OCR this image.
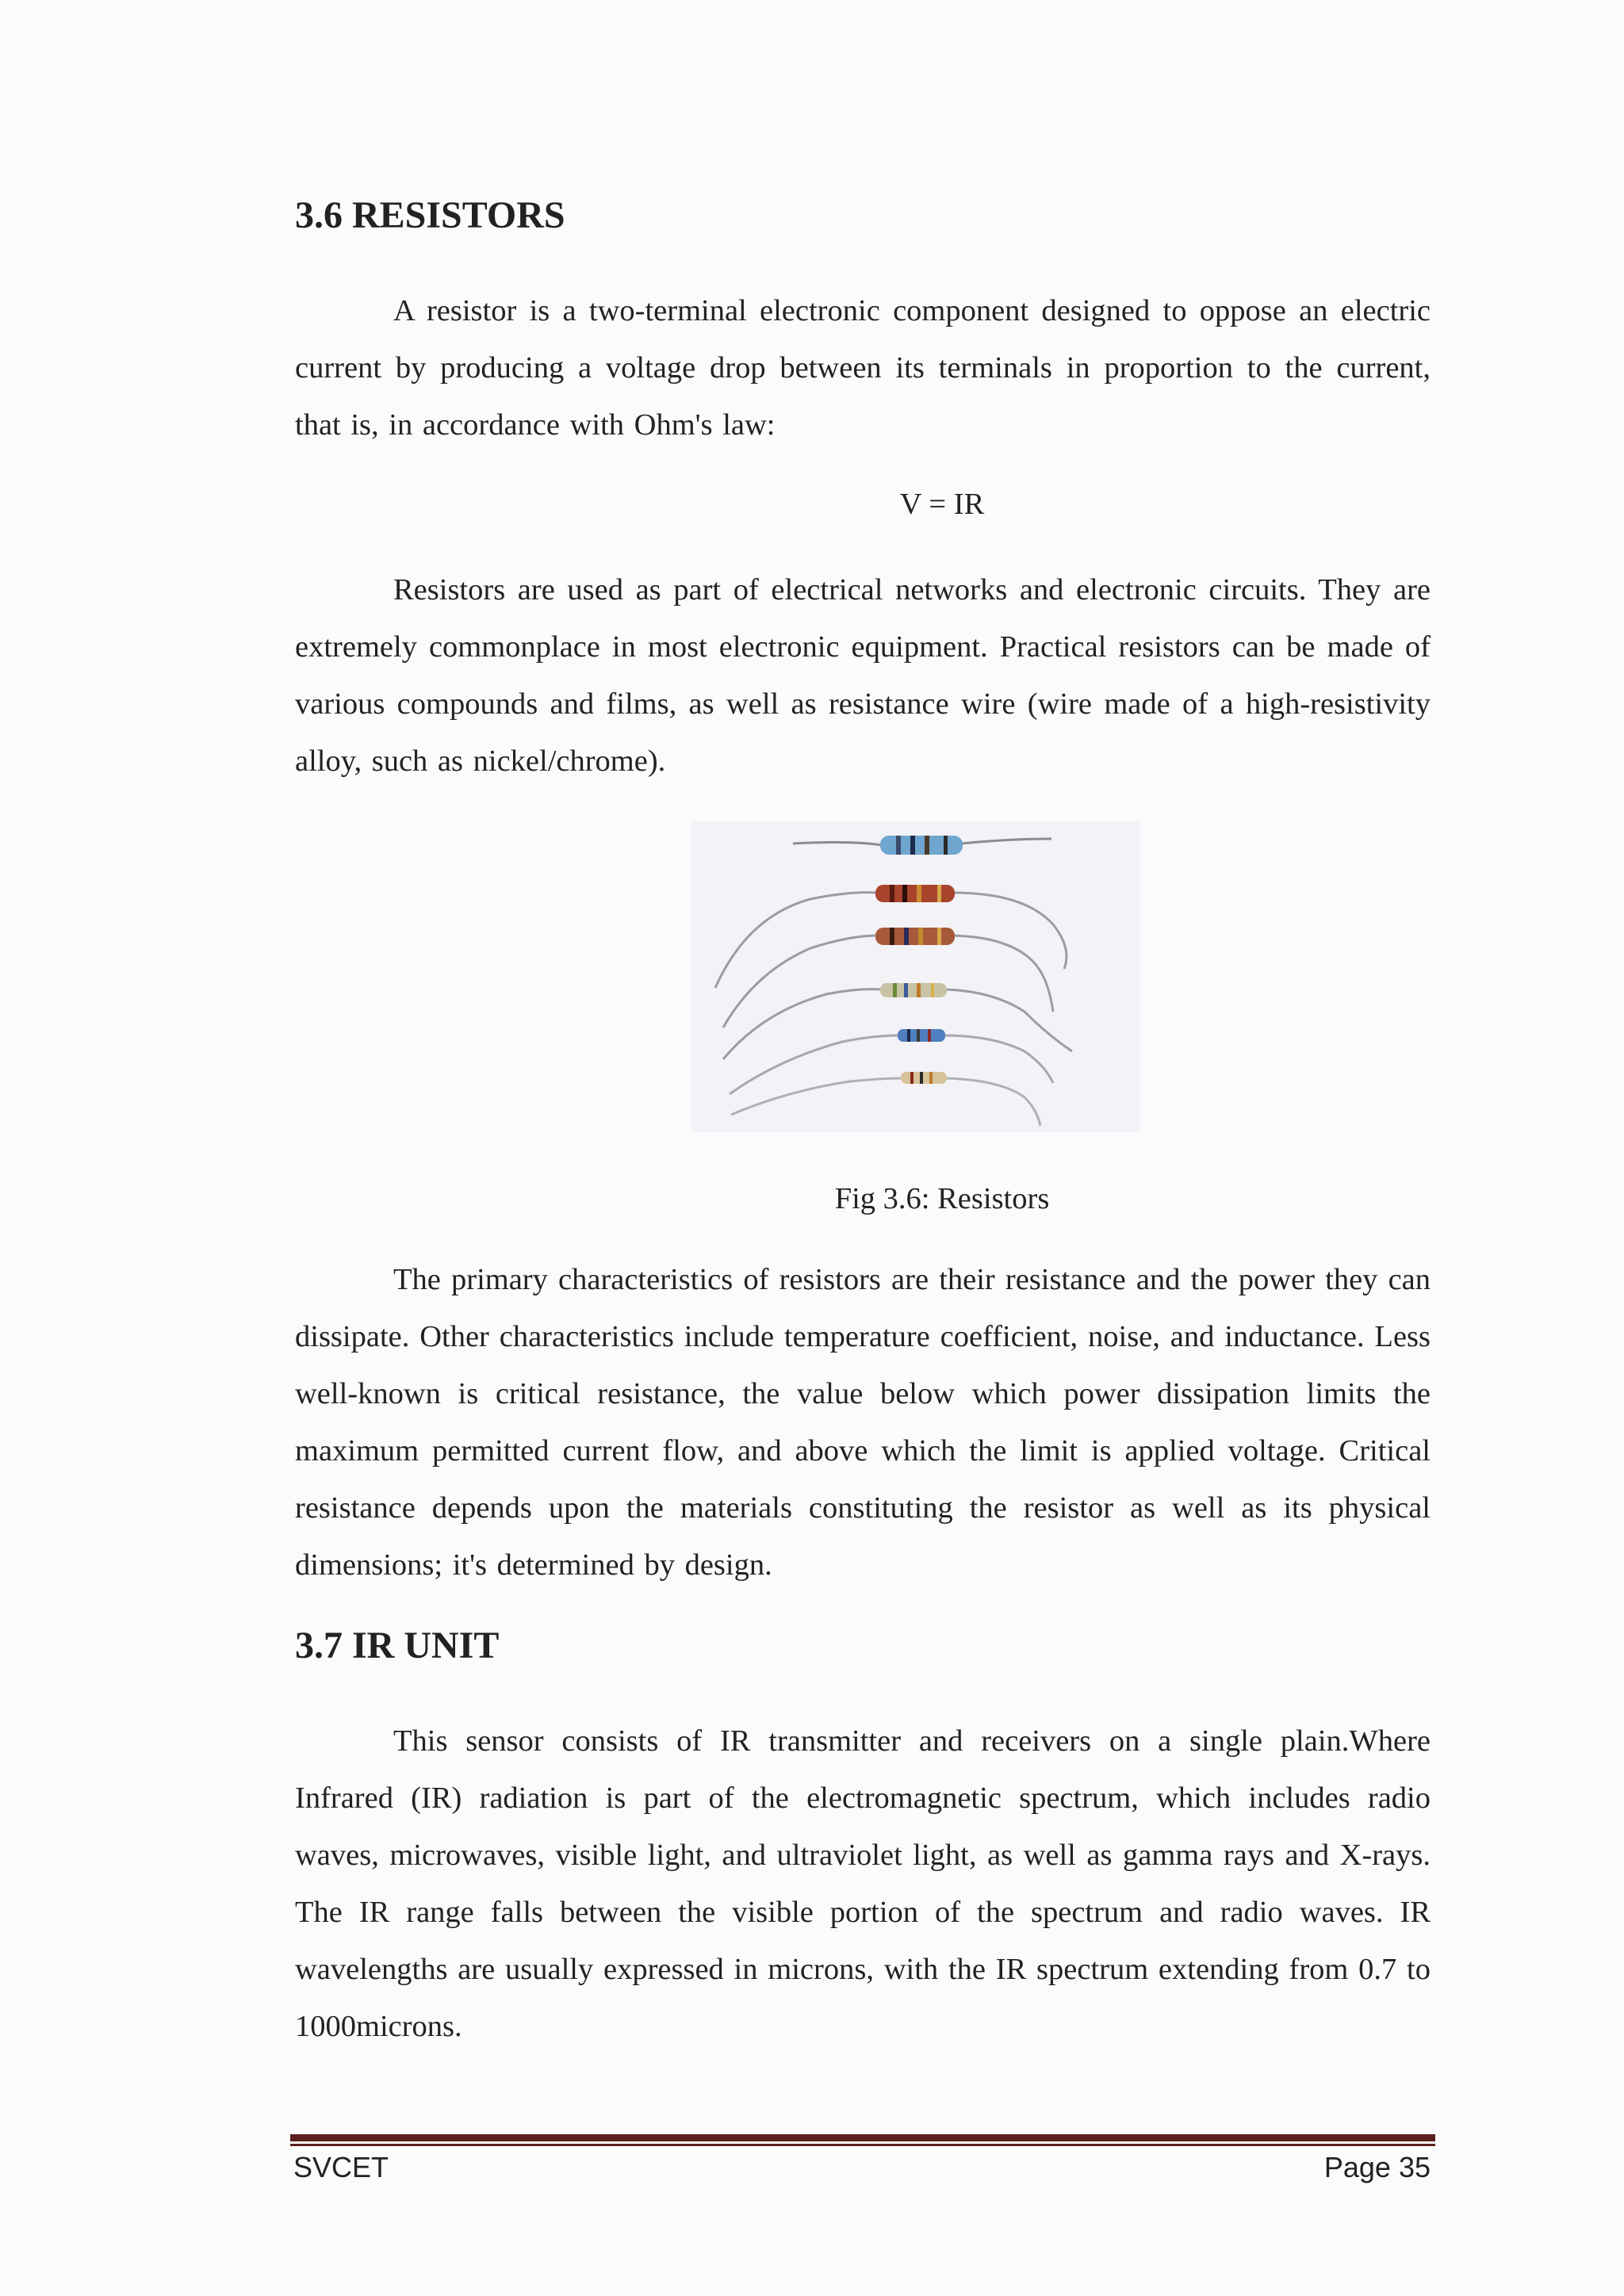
3.6 RESISTORS

A resistor is a two-terminal electronic component designed to oppose an electric current by producing a voltage drop between its terminals in proportion to the current, that is, in accordance with Ohm's law:

V = IR

Resistors are used as part of electrical networks and electronic circuits. They are extremely commonplace in most electronic equipment. Practical resistors can be made of various compounds and films, as well as resistance wire (wire made of a high-resistivity alloy, such as nickel/chrome).

Fig 3.6: Resistors

The primary characteristics of resistors are their resistance and the power they can dissipate. Other characteristics include temperature coefficient, noise, and inductance. Less well-known is critical resistance, the value below which power dissipation limits the maximum permitted current flow, and above which the limit is applied voltage. Critical resistance depends upon the materials constituting the resistor as well as its physical dimensions; it's determined by design.

3.7 IR UNIT

This sensor consists of IR transmitter and receivers on a single plain.Where Infrared (IR) radiation is part of the electromagnetic spectrum, which includes radio waves, microwaves, visible light, and ultraviolet light, as well as gamma rays and X-rays. The IR range falls between the visible portion of the spectrum and radio waves. IR wavelengths are usually expressed in microns, with the IR spectrum extending from 0.7 to 1000microns.

SVCET	Page 35
